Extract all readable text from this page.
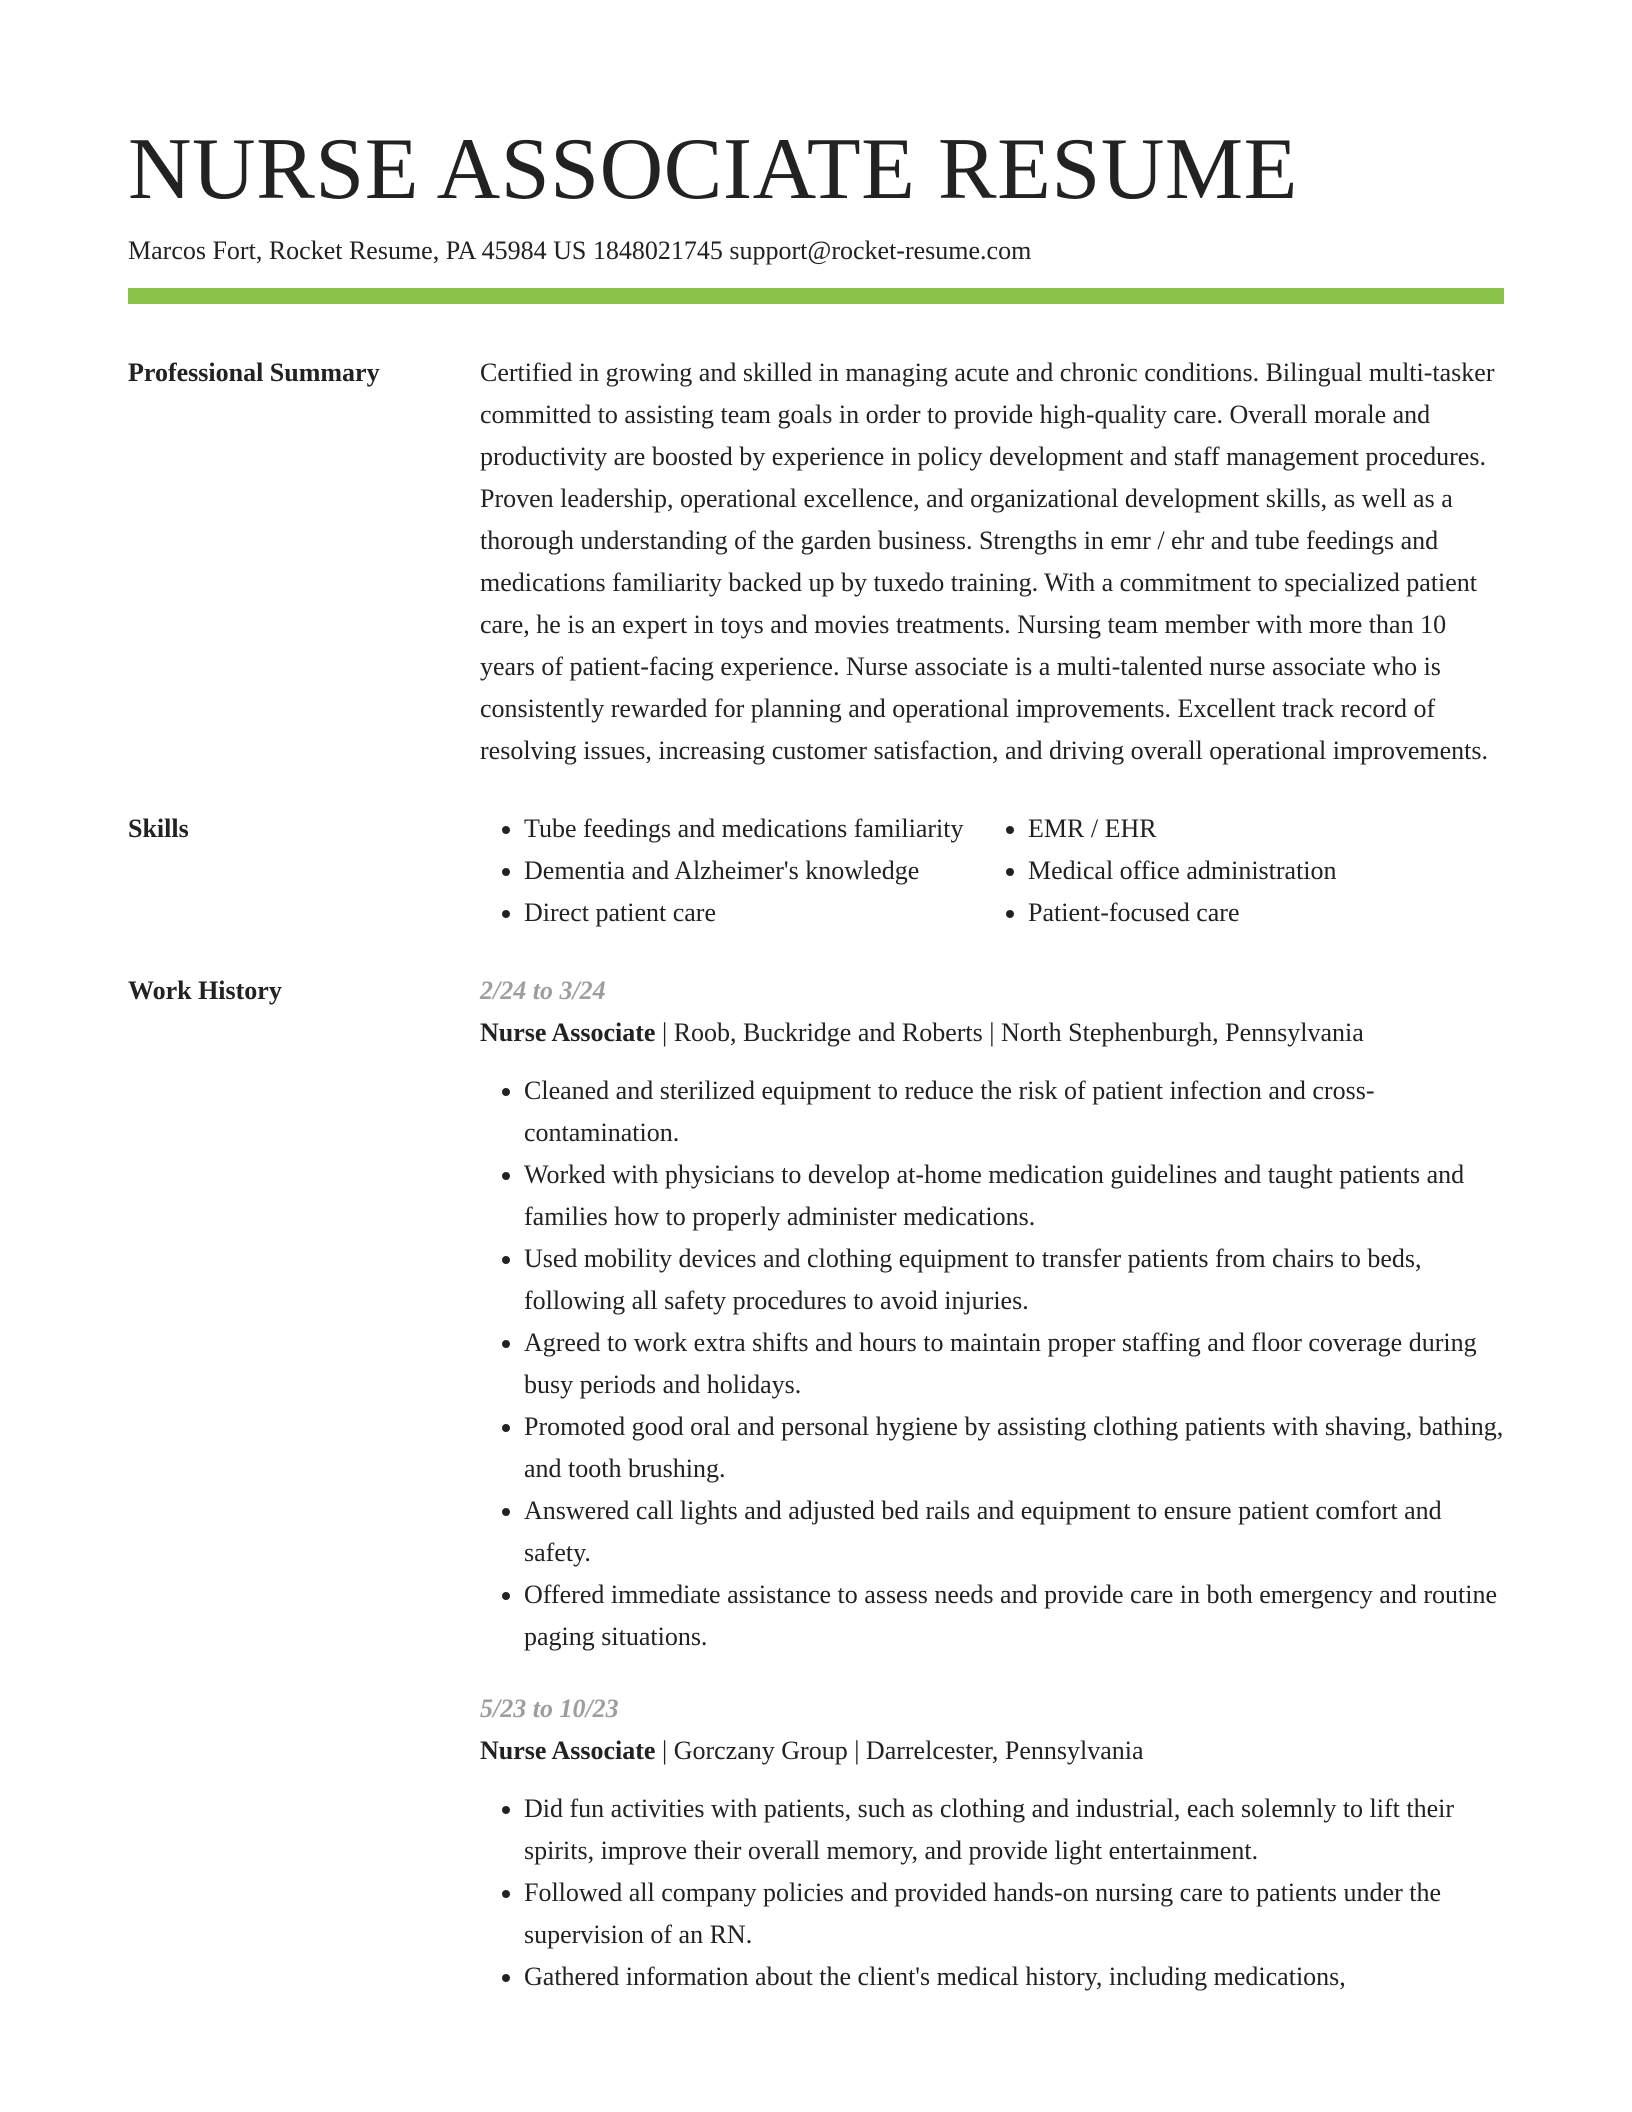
NURSE ASSOCIATE RESUME
Marcos Fort, Rocket Resume, PA 45984 US 1848021745 support@rocket-resume.com
Professional Summary	Certified in growing and skilled in managing acute and chronic conditions. Bilingual multi-tasker committed to assisting team goals in order to provide high-quality care. Overall morale and productivity are boosted by experience in policy development and staff management procedures. Proven leadership, operational excellence, and organizational development skills, as well as a thorough understanding of the garden business. Strengths in emr / ehr and tube feedings and medications familiarity backed up by tuxedo training. With a commitment to specialized patient care, he is an expert in toys and movies treatments. Nursing team member with more than 10 years of patient-facing experience. Nurse associate is a multi-talented nurse associate who is consistently rewarded for planning and operational improvements. Excellent track record of resolving issues, increasing customer satisfaction, and driving overall operational improvements.

Skills	• Tube feedings and medications familiarity
• Dementia and Alzheimer's knowledge
• Direct patient care
• EMR / EHR
• Medical office administration
• Patient-focused care
Work History	2/24 to 3/24
Nurse Associate | Roob, Buckridge and Roberts | North Stephenburgh, Pennsylvania
• Cleaned and sterilized equipment to reduce the risk of patient infection and cross-contamination.
• Worked with physicians to develop at-home medication guidelines and taught patients and families how to properly administer medications.
• Used mobility devices and clothing equipment to transfer patients from chairs to beds, following all safety procedures to avoid injuries.
• Agreed to work extra shifts and hours to maintain proper staffing and floor coverage during busy periods and holidays.
• Promoted good oral and personal hygiene by assisting clothing patients with shaving, bathing, and tooth brushing.
• Answered call lights and adjusted bed rails and equipment to ensure patient comfort and safety.
• Offered immediate assistance to assess needs and provide care in both emergency and routine paging situations.
5/23 to 10/23
Nurse Associate | Gorczany Group | Darrelcester, Pennsylvania
• Did fun activities with patients, such as clothing and industrial, each solemnly to lift their spirits, improve their overall memory, and provide light entertainment.
• Followed all company policies and provided hands-on nursing care to patients under the supervision of an RN.
• Gathered information about the client's medical history, including medications,
